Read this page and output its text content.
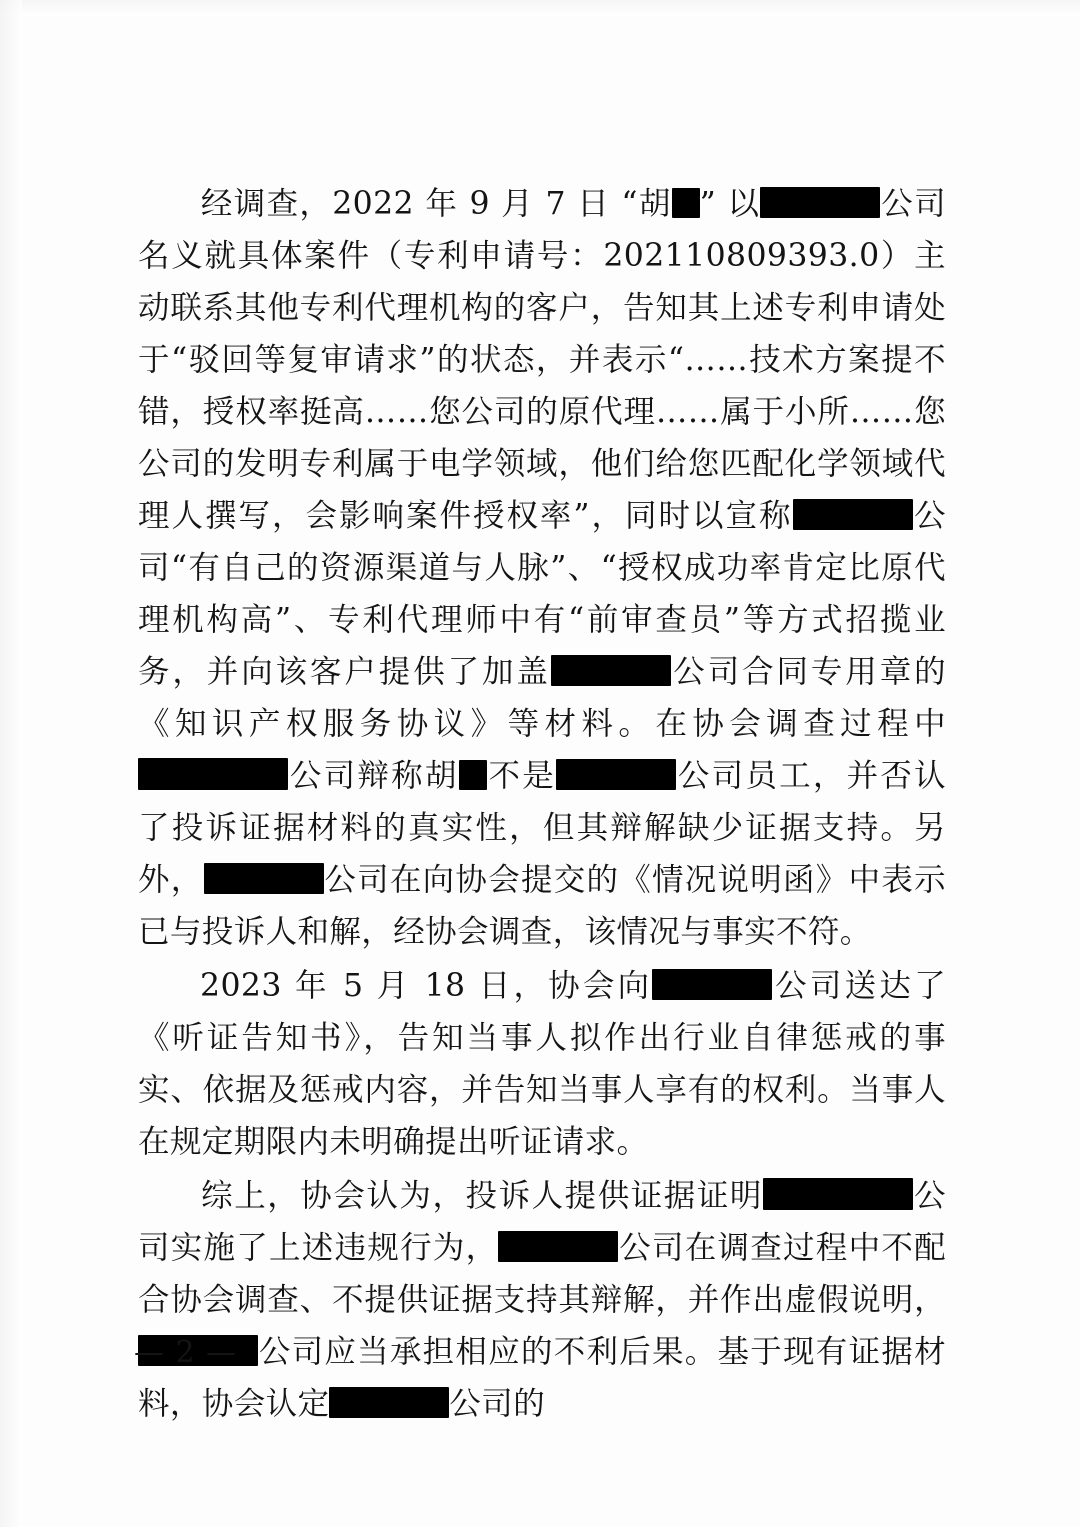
经调查，2022 年 9 月 7 日 “胡 ” 以	公司名义就具体案件（专利申请号：202110809393.0）主动联系其他专利代理机构的客户，告知其上述专利申请处于“驳回等复审请求”的状态，并表示“……技术方案提不错，授权率挺高……您公司的原代理……属于小所……您公司的发明专利属于电学领域，他们给您匹配化学领域代理人撰写，会影响案件授权率”，同时以宣称	公司“有自己的资源渠道与人脉”、“授权成功率肯定比原代理机构高”、专利代理师中有“前审查员”等方式招揽业务，并向该客户提供了加盖	公司合同专用章的《知识产权服务协议》等材料。在协会调查过程中公司辩称胡 不是	公司员工，并否认了投诉证据材料的真实性，但其辩解缺少证据支持。另外，	公司在向协会提交的《情况说明函》中表示已与投诉人和解，经协会调查，该情况与事实不符。

2023 年 5 月 18 日，协会向	公司送达了《听证告知书》，告知当事人拟作出行业自律惩戒的事实、依据及惩戒内容，并告知当事人享有的权利。当事人在规定期限内未明确提出听证请求。

综上，协会认为，投诉人提供证据证明	公司实施了上述违规行为，	公司在调查过程中不配合协会调查、不提供证据支持其辩解，并作出虚假说明，公司应当承担相应的不利后果。基于现有证据材料，协会认定	公司的

— 2 —
